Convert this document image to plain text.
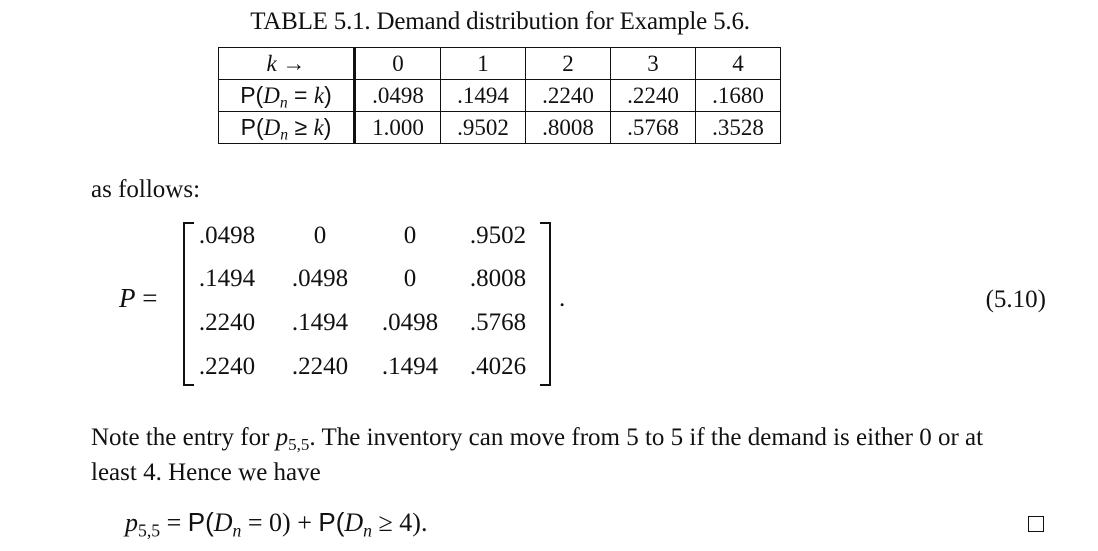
TABLE 5.1. Demand distribution for Example 5.6.
k →	0	1	2	3	4
$P(D_n = k)$	.0498	.1494	.2240	.2240	.1680
$P(D_n \ge k)$	1.000	.9502	.8008	.5768	.3528
as follows:
P =
.0498	0	0	.9502
.1494	.0498	0	.8008
.2240	.1494	.0498	.5768
.2240	.2240	.1494	.4026
.	(5.10)
Note the entry for $p_{5,5}$. The inventory can move from 5 to 5 if the demand is either 0 or at
least 4. Hence we have
$p_{5,5} = P(D_n = 0) + P(D_n \ge 4)$.
